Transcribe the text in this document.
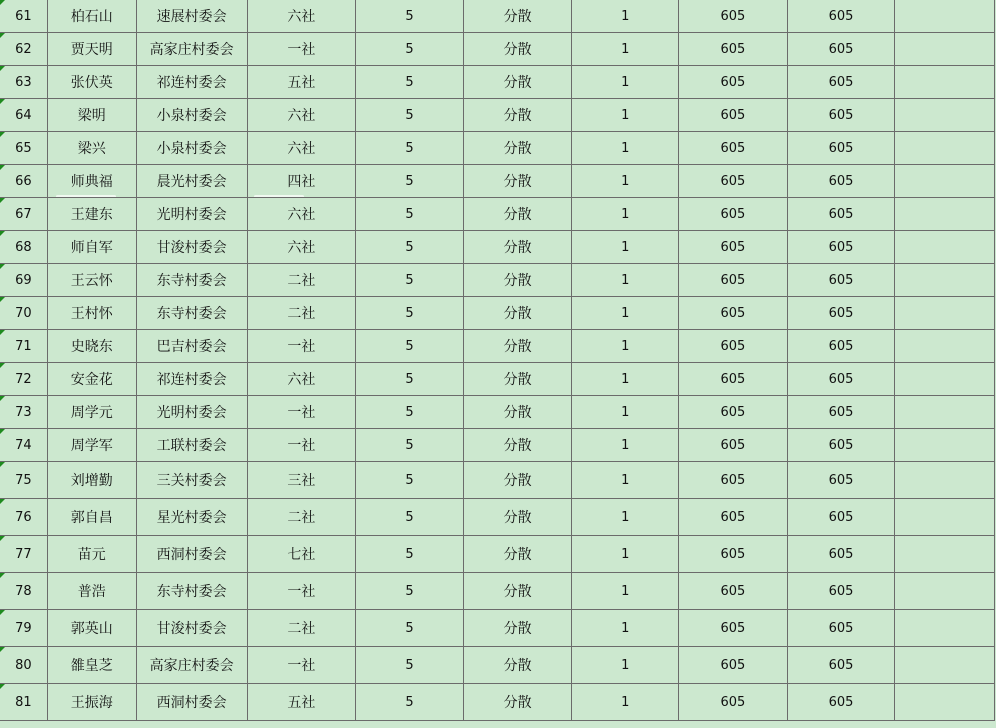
61	柏石山	速展村委会	六社	5	分散	1	605	605	

62	贾天明	高家庄村委会	一社	5	分散	1	605	605	

63	张伏英	祁连村委会	五社	5	分散	1	605	605	

64	梁明	小泉村委会	六社	5	分散	1	605	605	

65	梁兴	小泉村委会	六社	5	分散	1	605	605	

66	师典福	晨光村委会	四社	5	分散	1	605	605	

67	王建东	光明村委会	六社	5	分散	1	605	605	

68	师自军	甘浚村委会	六社	5	分散	1	605	605	

69	王云怀	东寺村委会	二社	5	分散	1	605	605	

70	王村怀	东寺村委会	二社	5	分散	1	605	605	

71	史晓东	巴吉村委会	一社	5	分散	1	605	605	

72	安金花	祁连村委会	六社	5	分散	1	605	605	

73	周学元	光明村委会	一社	5	分散	1	605	605	

74	周学军	工联村委会	一社	5	分散	1	605	605	

75	刘增勤	三关村委会	三社	5	分散	1	605	605	

76	郭自昌	星光村委会	二社	5	分散	1	605	605	

77	苗元	西洞村委会	七社	5	分散	1	605	605	

78	普浩	东寺村委会	一社	5	分散	1	605	605	

79	郭英山	甘浚村委会	二社	5	分散	1	605	605	

80	雒皇芝	高家庄村委会	一社	5	分散	1	605	605	

81	王振海	西洞村委会	五社	5	分散	1	605	605	
